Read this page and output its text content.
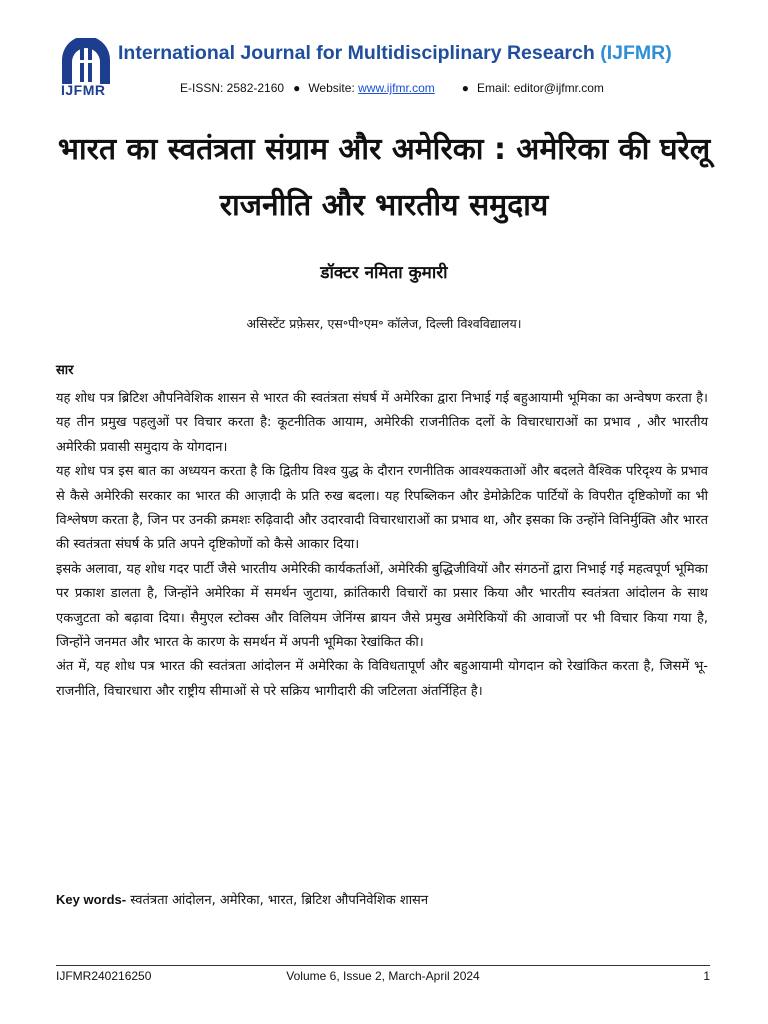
IJFMR
International Journal for Multidisciplinary Research (IJFMR)
E-ISSN: 2582-2160 ● Website: www.ijfmr.com ● Email: editor@ijfmr.com
भारत का स्वतंत्रता संग्राम और अमेरिका : अमेरिका की घरेलू राजनीति और भारतीय समुदाय

डॉक्टर नमिता कुमारी

असिस्टेंट प्रफ़ेसर, एस॰पी॰एम॰ कॉलेज, दिल्ली विश्वविद्यालय।

सार

यह शोध पत्र ब्रिटिश औपनिवेशिक शासन से भारत की स्वतंत्रता संघर्ष में अमेरिका द्वारा निभाई गई बहुआयामी भूमिका का अन्वेषण करता है। यह तीन प्रमुख पहलुओं पर विचार करता है: कूटनीतिक आयाम, अमेरिकी राजनीतिक दलों के विचारधाराओं का प्रभाव , और भारतीय अमेरिकी प्रवासी समुदाय के योगदान।

यह शोध पत्र इस बात का अध्ययन करता है कि द्वितीय विश्व युद्ध के दौरान रणनीतिक आवश्यकताओं और बदलते वैश्विक परिदृश्य के प्रभाव से कैसे अमेरिकी सरकार का भारत की आज़ादी के प्रति रुख बदला। यह रिपब्लिकन और डेमोक्रेटिक पार्टियों के विपरीत दृष्टिकोणों का भी विश्लेषण करता है, जिन पर उनकी क्रमशः रुढ़िवादी और उदारवादी विचारधाराओं का प्रभाव था, और इसका कि उन्होंने विनिर्मुक्ति और भारत की स्वतंत्रता संघर्ष के प्रति अपने दृष्टिकोणों को कैसे आकार दिया।

इसके अलावा, यह शोध गदर पार्टी जैसे भारतीय अमेरिकी कार्यकर्ताओं, अमेरिकी बुद्धिजीवियों और संगठनों द्वारा निभाई गई महत्वपूर्ण भूमिका पर प्रकाश डालता है, जिन्होंने अमेरिका में समर्थन जुटाया, क्रांतिकारी विचारों का प्रसार किया और भारतीय स्वतंत्रता आंदोलन के साथ एकजुटता को बढ़ावा दिया। सैमुएल स्टोक्स और विलियम जेनिंग्स ब्रायन जैसे प्रमुख अमेरिकियों की आवाजों पर भी विचार किया गया है, जिन्होंने जनमत और भारत के कारण के समर्थन में अपनी भूमिका रेखांकित की।

अंत में, यह शोध पत्र भारत की स्वतंत्रता आंदोलन में अमेरिका के विविधतापूर्ण और बहुआयामी योगदान को रेखांकित करता है, जिसमें भू-राजनीति, विचारधारा और राष्ट्रीय सीमाओं से परे सक्रिय भागीदारी की जटिलता अंतर्निहित है।

Key words- स्वतंत्रता आंदोलन, अमेरिका, भारत, ब्रिटिश औपनिवेशिक शासन

IJFMR240216250	Volume 6, Issue 2, March-April 2024	1
